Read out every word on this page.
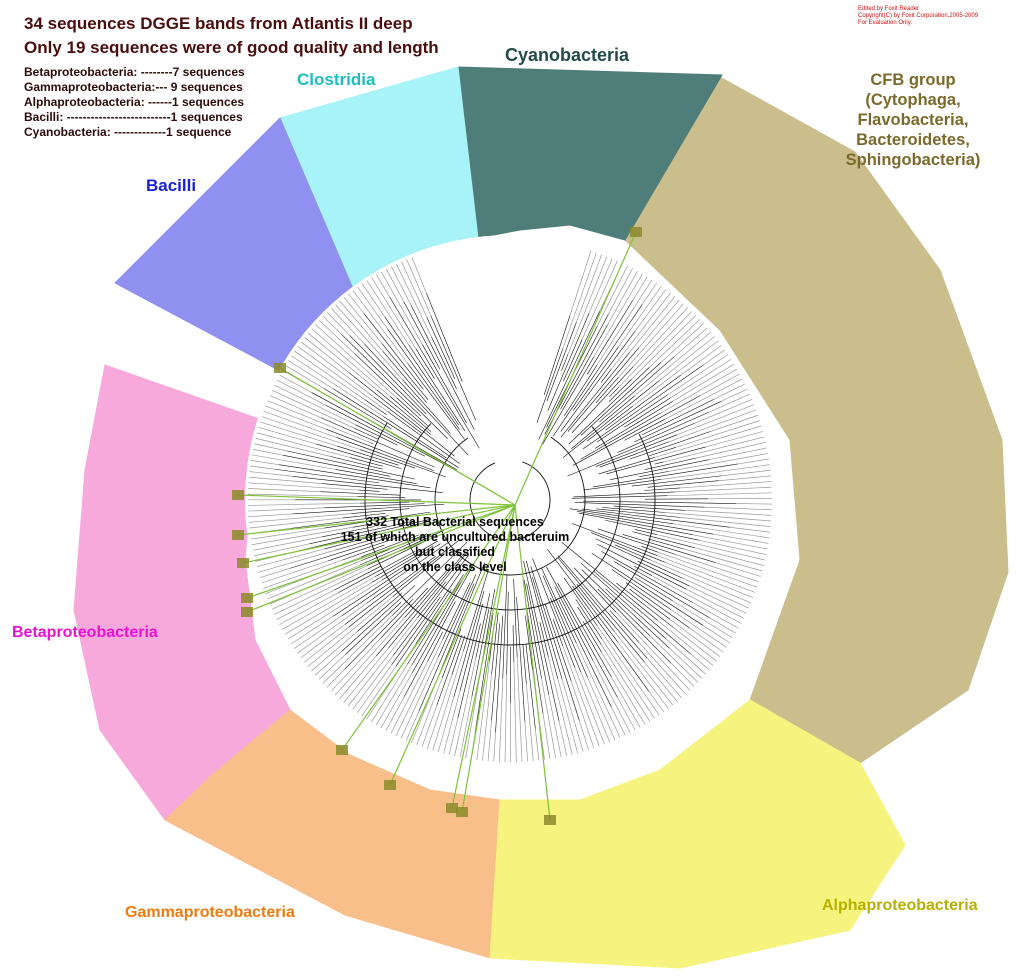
34 sequences DGGE bands from Atlantis II deep
Only 19 sequences were of good quality and length
Betaproteobacteria: --------7 sequences
Gammaproteobacteria:--- 9 sequences
Alphaproteobacteria: ------1 sequences
Bacilli: --------------------------1 sequences
Cyanobacteria: -------------1 sequence
Edited by Foxit Reader
Copyright(C) by Foxit Corporation,2005-2009
For Evaluation Only.
332 Total Bacterial sequences
151 of which are uncultured bacteruim
but classified
on the class level
Cyanobacteria
Clostridia
Bacilli
CFB group
(Cytophaga,
Flavobacteria,
Bacteroidetes,
Sphingobacteria)
Betaproteobacteria
Gammaproteobacteria	Alphaproteobacteria
